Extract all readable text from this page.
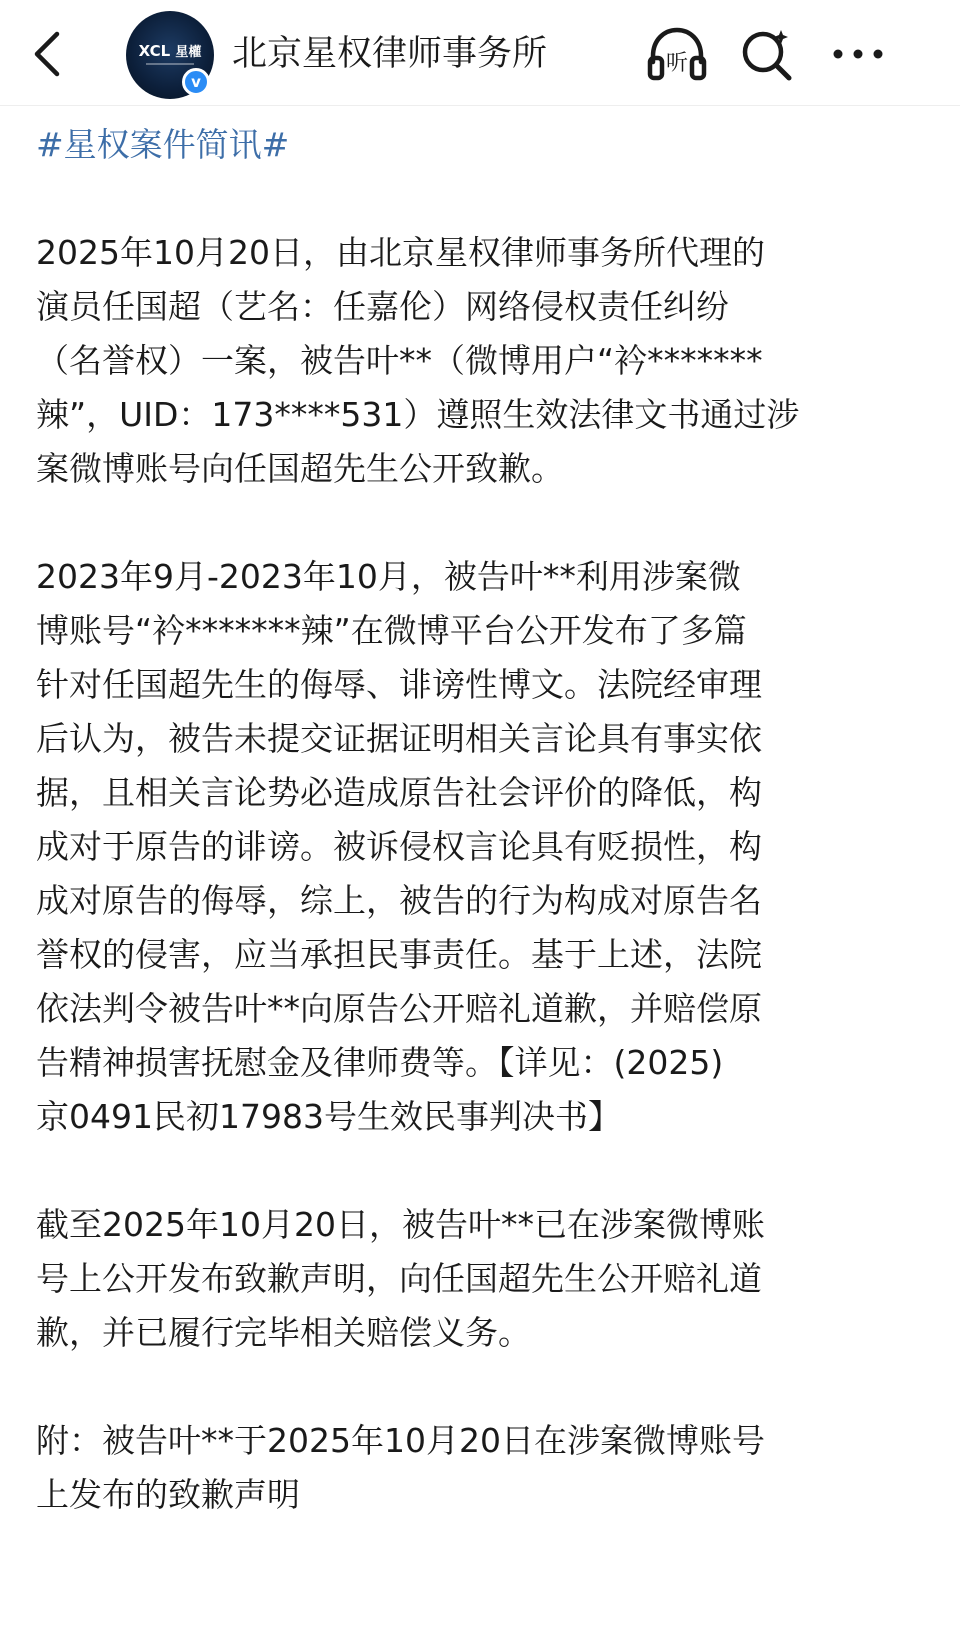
XCL 星權
v
北京星权律师事务所	听
#星权案件简讯#
2025年10月20日，由北京星权律师事务所代理的
演员任国超（艺名：任嘉伦）网络侵权责任纠纷
（名誉权）一案，被告叶**（微博用户“衿*******
辣”，UID：173****531）遵照生效法律文书通过涉
案微博账号向任国超先生公开致歉。
2023年9月-2023年10月，被告叶**利用涉案微
博账号“衿*******辣”在微博平台公开发布了多篇
针对任国超先生的侮辱、诽谤性博文。法院经审理
后认为，被告未提交证据证明相关言论具有事实依
据，且相关言论势必造成原告社会评价的降低，构
成对于原告的诽谤。被诉侵权言论具有贬损性，构
成对原告的侮辱，综上，被告的行为构成对原告名
誉权的侵害，应当承担民事责任。基于上述，法院
依法判令被告叶**向原告公开赔礼道歉，并赔偿原
告精神损害抚慰金及律师费等。【详见：(2025)
京0491民初17983号生效民事判决书】
截至2025年10月20日，被告叶**已在涉案微博账
号上公开发布致歉声明，向任国超先生公开赔礼道
歉，并已履行完毕相关赔偿义务。
附：被告叶**于2025年10月20日在涉案微博账号
上发布的致歉声明
